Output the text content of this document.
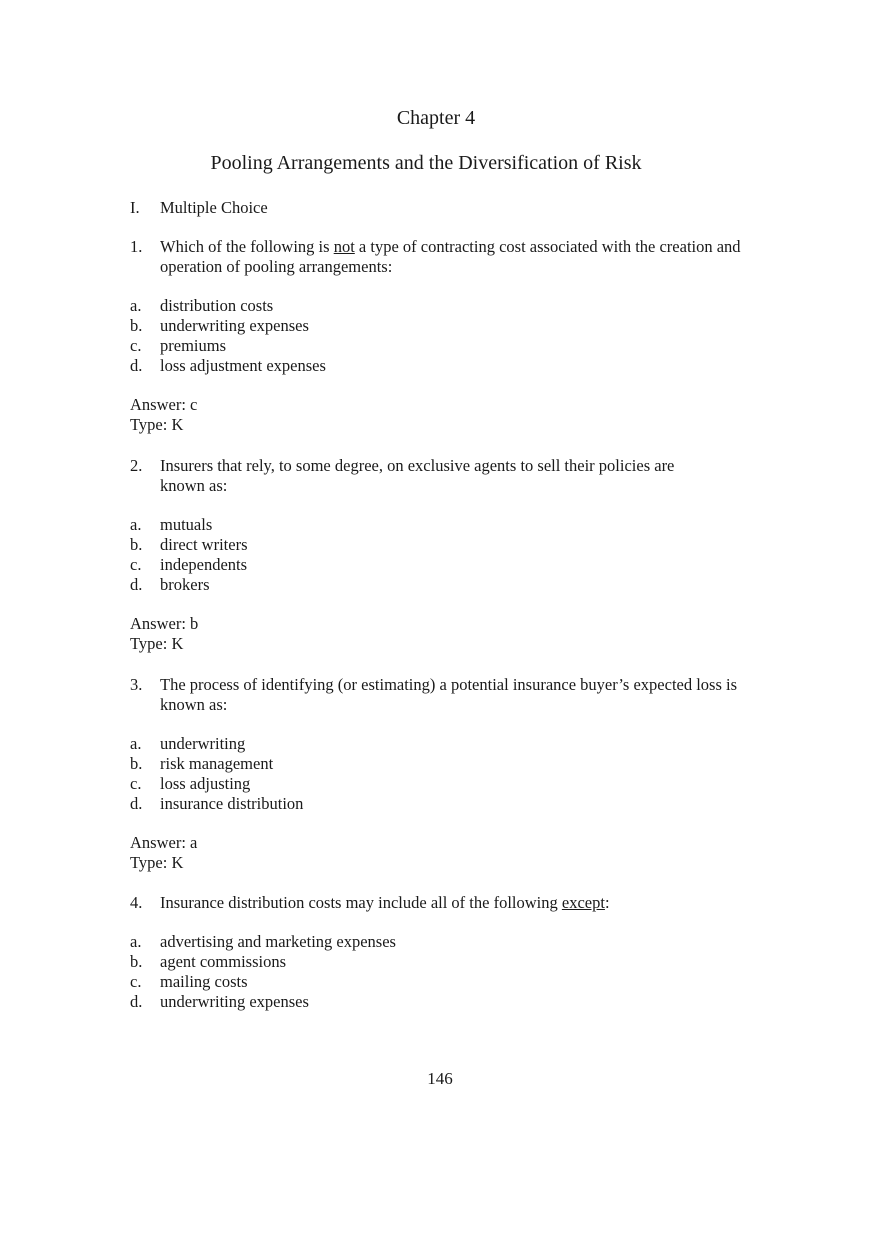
Chapter 4
Pooling Arrangements and the Diversification of Risk
I. Multiple Choice
1.	Which of the following is not a type of contracting cost associated with the creation and operation of pooling arrangements:
a.	distribution costs
b.	underwriting expenses
c.	premiums
d.	loss adjustment expenses
Answer: c
Type: K
2.	Insurers that rely, to some degree, on exclusive agents to sell their policies are known as:
a.	mutuals
b.	direct writers
c.	independents
d.	brokers
Answer: b
Type: K
3.	The process of identifying (or estimating) a potential insurance buyer’s expected loss is known as:
a.	underwriting
b.	risk management
c.	loss adjusting
d.	insurance distribution
Answer: a
Type: K
4.	Insurance distribution costs may include all of the following except:
a.	advertising and marketing expenses
b.	agent commissions
c.	mailing costs
d.	underwriting expenses
146
